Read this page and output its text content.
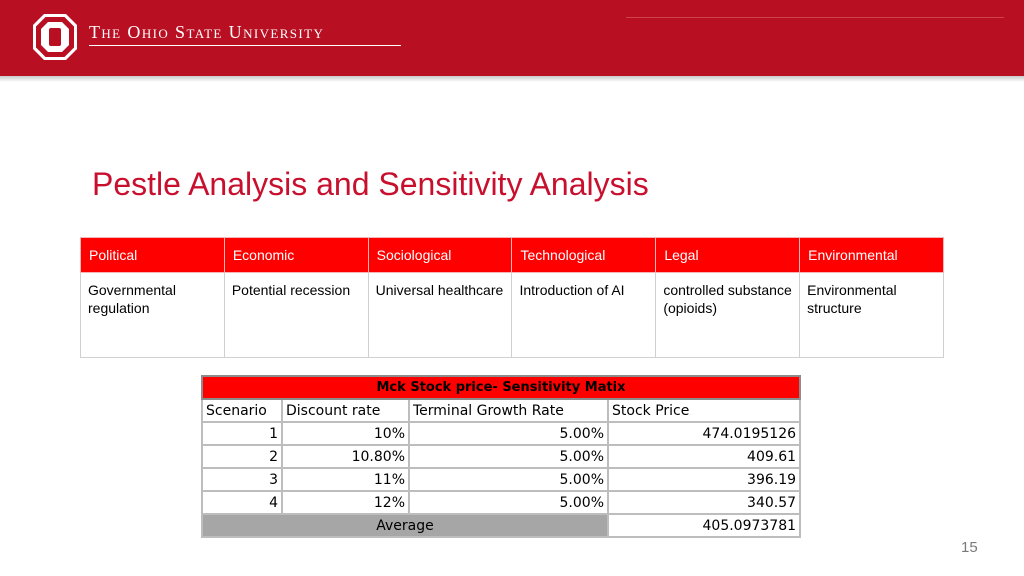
The Ohio State University
Pestle Analysis and Sensitivity Analysis
Political	Economic	Sociological	Technological	Legal	Environmental
Governmental regulation	Potential recession	Universal healthcare	Introduction of AI	controlled substance (opioids)	Environmental structure
Mck Stock price- Sensitivity Matix			
Scenario	Discount rate	Terminal Growth Rate	Stock Price
1	10%	5.00%	474.0195126
2	10.80%	5.00%	409.61
3	11%	5.00%	396.19
4	12%	5.00%	340.57
Average			405.0973781
15
